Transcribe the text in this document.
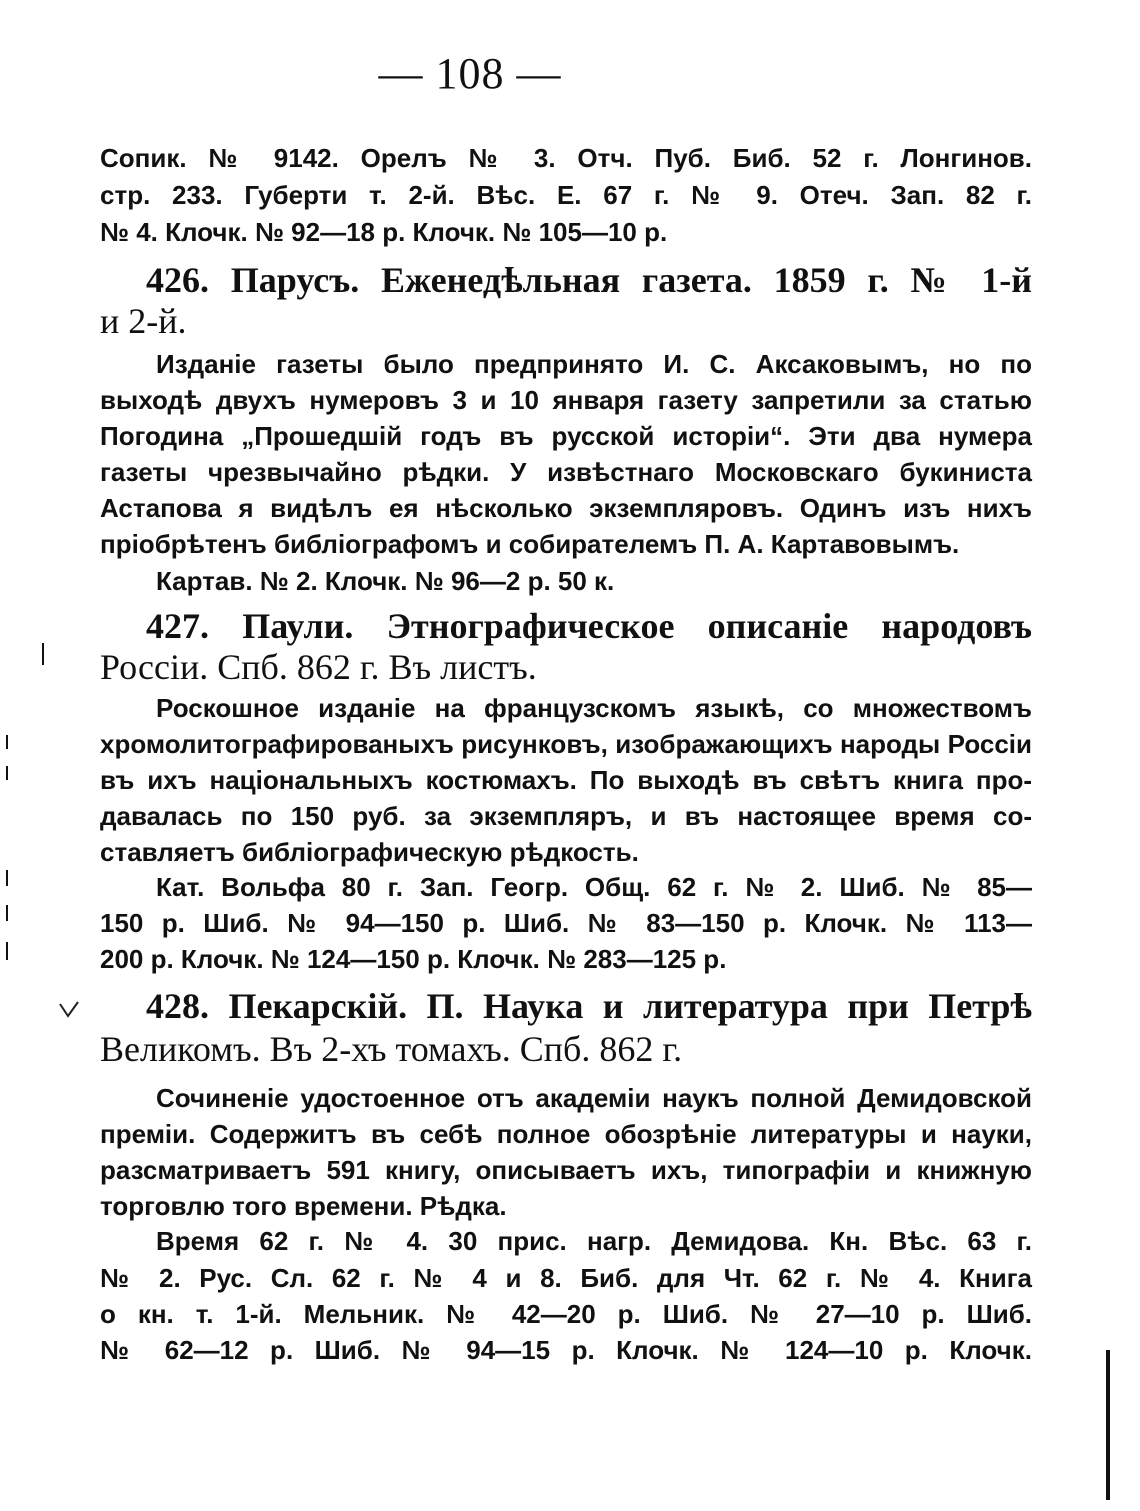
— 108 —
Сопик. № 9142. Орелъ № 3. Отч. Пуб. Биб. 52 г. Лонгинов.
стр. 233. Губерти т. 2-й. Вѣс. Е. 67 г. № 9. Отеч. Зап. 82 г.
№ 4. Клочк. № 92—18 р. Клочк. № 105—10 р.
426. Парусъ. Еженедѣльная газета. 1859 г. № 1-й
и 2-й.
Изданіе газеты было предпринято И. С. Аксаковымъ, но по
выходѣ двухъ нумеровъ 3 и 10 января газету запретили за статью
Погодина „Прошедшій годъ въ русской исторіи“. Эти два нумера
газеты чрезвычайно рѣдки. У извѣстнаго Московскаго букиниста
Астапова я видѣлъ ея нѣсколько экземпляровъ. Одинъ изъ нихъ
пріобрѣтенъ библіографомъ и собирателемъ П. А. Картавовымъ.
Картав. № 2. Клочк. № 96—2 р. 50 к.
427. Паули. Этнографическое описаніе народовъ
Россіи. Спб. 862 г. Въ листъ.
Роскошное изданіе на французскомъ языкѣ, со множествомъ
хромолитографированыхъ рисунковъ, изображающихъ народы Россіи
въ ихъ національныхъ костюмахъ. По выходѣ въ свѣтъ книга про-
давалась по 150 руб. за экземпляръ, и въ настоящее время со-
ставляетъ библіографическую рѣдкость.
Кат. Вольфа 80 г. Зап. Геогр. Общ. 62 г. № 2. Шиб. № 85—
150 р. Шиб. № 94—150 р. Шиб. № 83—150 р. Клочк. № 113—
200 р. Клочк. № 124—150 р. Клочк. № 283—125 р.
428. Пекарскій. П. Наука и литература при Петрѣ
Великомъ. Въ 2-хъ томахъ. Спб. 862 г.
Сочиненіе удостоенное отъ академіи наукъ полной Демидовской
преміи. Содержитъ въ себѣ полное обозрѣніе литературы и науки,
разсматриваетъ 591 книгу, описываетъ ихъ, типографіи и книжную
торговлю того времени. Рѣдка.
Время 62 г. № 4. 30 прис. нагр. Демидова. Кн. Вѣс. 63 г.
№ 2. Рус. Сл. 62 г. № 4 и 8. Биб. для Чт. 62 г. № 4. Книга
о кн. т. 1-й. Мельник. № 42—20 р. Шиб. № 27—10 р. Шиб.
№ 62—12 р. Шиб. № 94—15 р. Клочк. № 124—10 р. Клочк.
